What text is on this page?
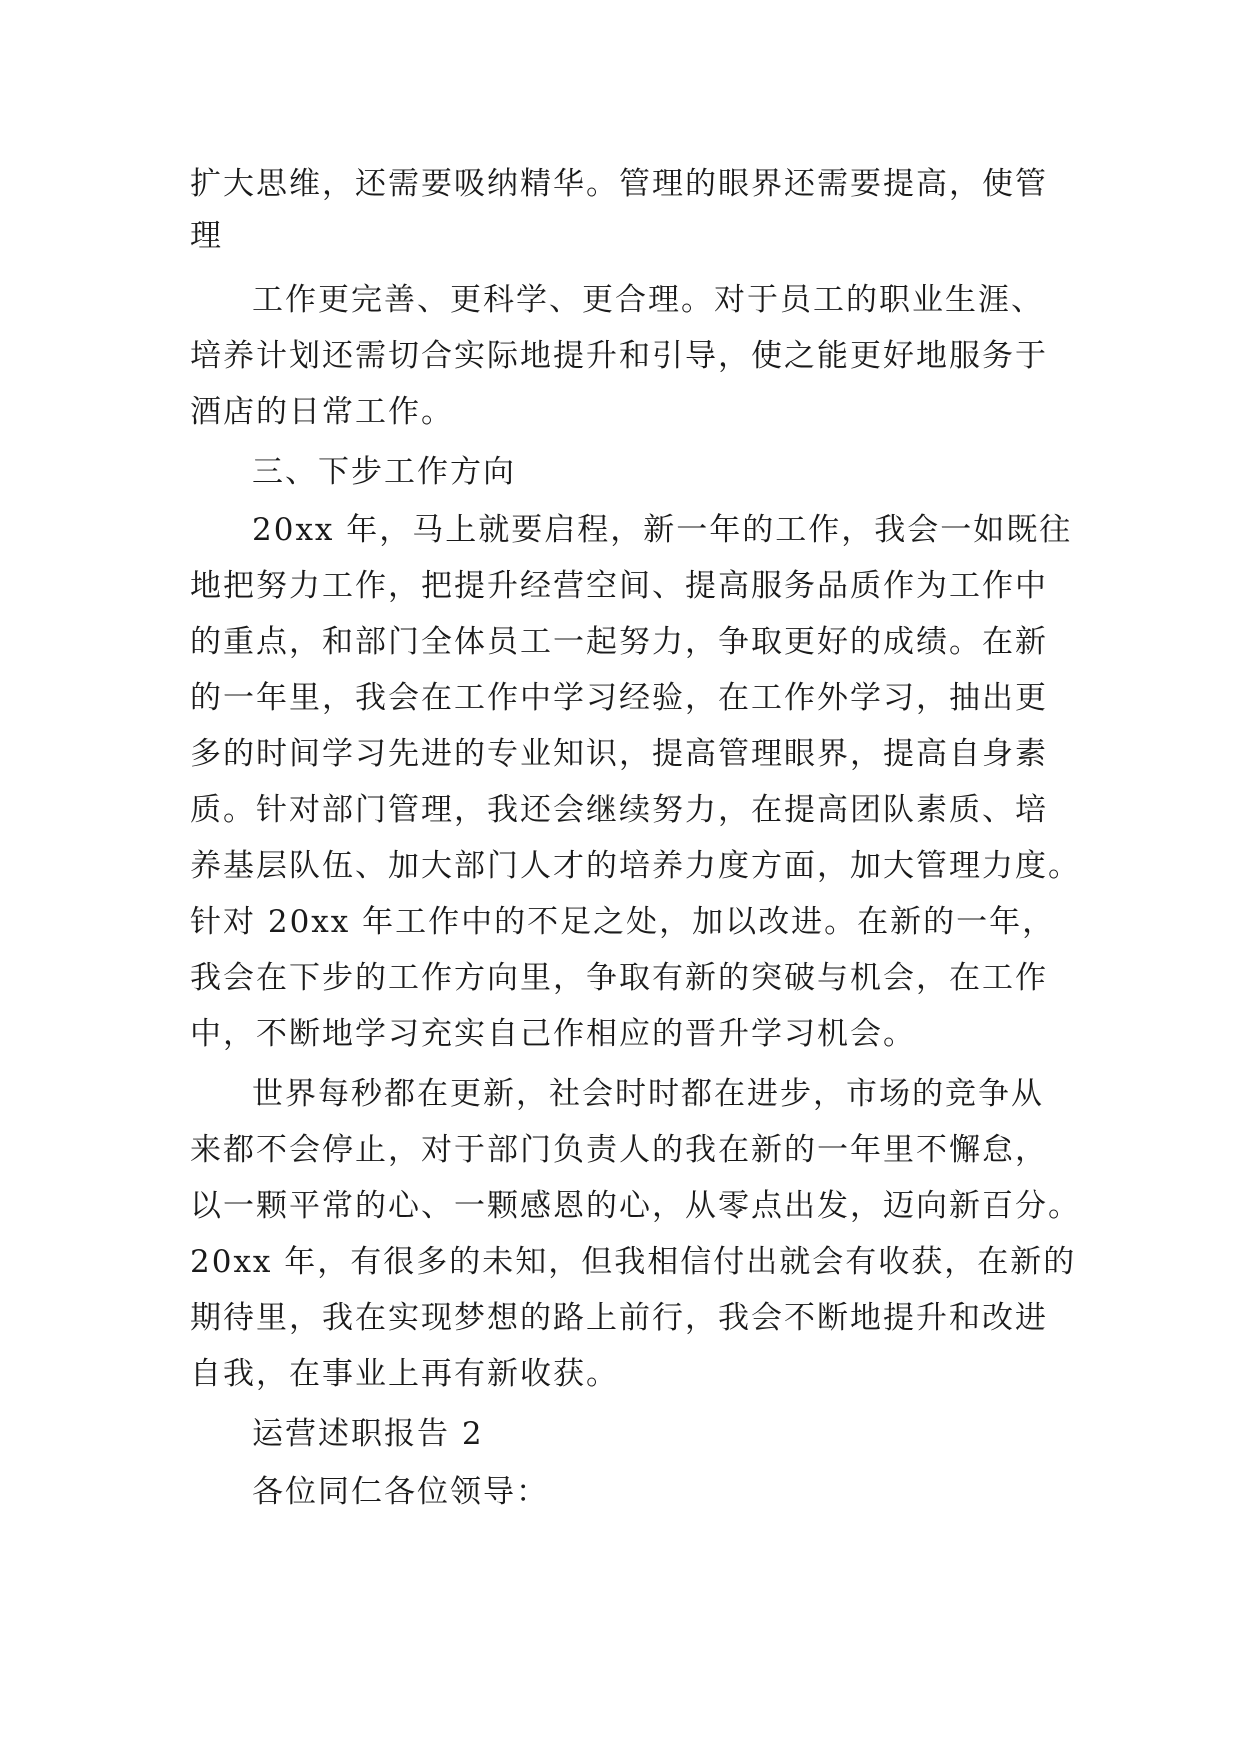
扩大思维，还需要吸纳精华。管理的眼界还需要提高，使管
理
工作更完善、更科学、更合理。对于员工的职业生涯、
培养计划还需切合实际地提升和引导，使之能更好地服务于
酒店的日常工作。
三、下步工作方向
20xx 年，马上就要启程，新一年的工作，我会一如既往
地把努力工作，把提升经营空间、提高服务品质作为工作中
的重点，和部门全体员工一起努力，争取更好的成绩。在新
的一年里，我会在工作中学习经验，在工作外学习，抽出更
多的时间学习先进的专业知识，提高管理眼界，提高自身素
质。针对部门管理，我还会继续努力，在提高团队素质、培
养基层队伍、加大部门人才的培养力度方面，加大管理力度。
针对 20xx 年工作中的不足之处，加以改进。在新的一年，
我会在下步的工作方向里，争取有新的突破与机会，在工作
中，不断地学习充实自己作相应的晋升学习机会。
世界每秒都在更新，社会时时都在进步，市场的竞争从
来都不会停止，对于部门负责人的我在新的一年里不懈怠，
以一颗平常的心、一颗感恩的心，从零点出发，迈向新百分。
20xx 年，有很多的未知，但我相信付出就会有收获，在新的
期待里，我在实现梦想的路上前行，我会不断地提升和改进
自我，在事业上再有新收获。
运营述职报告 2
各位同仁各位领导：
